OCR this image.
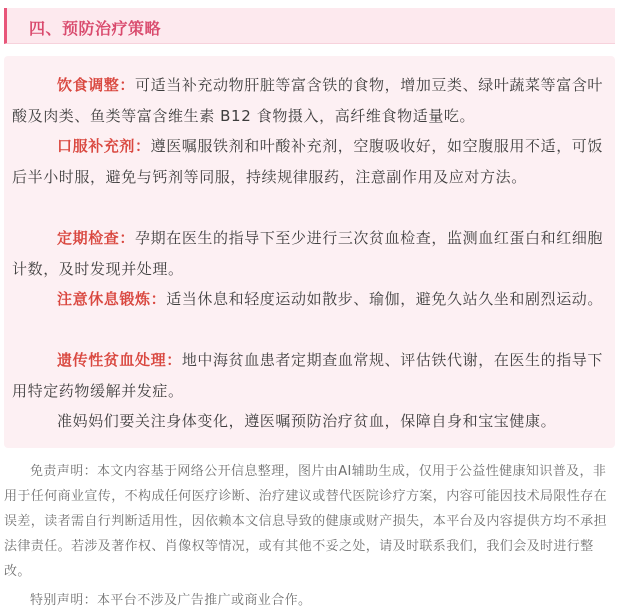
四、预防治疗策略

饮食调整：可适当补充动物肝脏等富含铁的食物，增加豆类、绿叶蔬菜等富含叶酸及肉类、鱼类等富含维生素 B12 食物摄入，高纤维食物适量吃。

口服补充剂：遵医嘱服铁剂和叶酸补充剂，空腹吸收好，如空腹服用不适，可饭后半小时服，避免与钙剂等同服，持续规律服药，注意副作用及应对方法。

定期检查：孕期在医生的指导下至少进行三次贫血检查，监测血红蛋白和红细胞计数，及时发现并处理。

注意休息锻炼：适当休息和轻度运动如散步、瑜伽，避免久站久坐和剧烈运动。

遗传性贫血处理：地中海贫血患者定期查血常规、评估铁代谢，在医生的指导下用特定药物缓解并发症。

准妈妈们要关注身体变化，遵医嘱预防治疗贫血，保障自身和宝宝健康。

免责声明：本文内容基于网络公开信息整理，图片由AI辅助生成，仅用于公益性健康知识普及，非用于任何商业宣传，不构成任何医疗诊断、治疗建议或替代医院诊疗方案，内容可能因技术局限性存在误差，读者需自行判断适用性，因依赖本文信息导致的健康或财产损失，本平台及内容提供方均不承担法律责任。若涉及著作权、肖像权等情况，或有其他不妥之处，请及时联系我们，我们会及时进行整改。

特别声明：本平台不涉及广告推广或商业合作。
